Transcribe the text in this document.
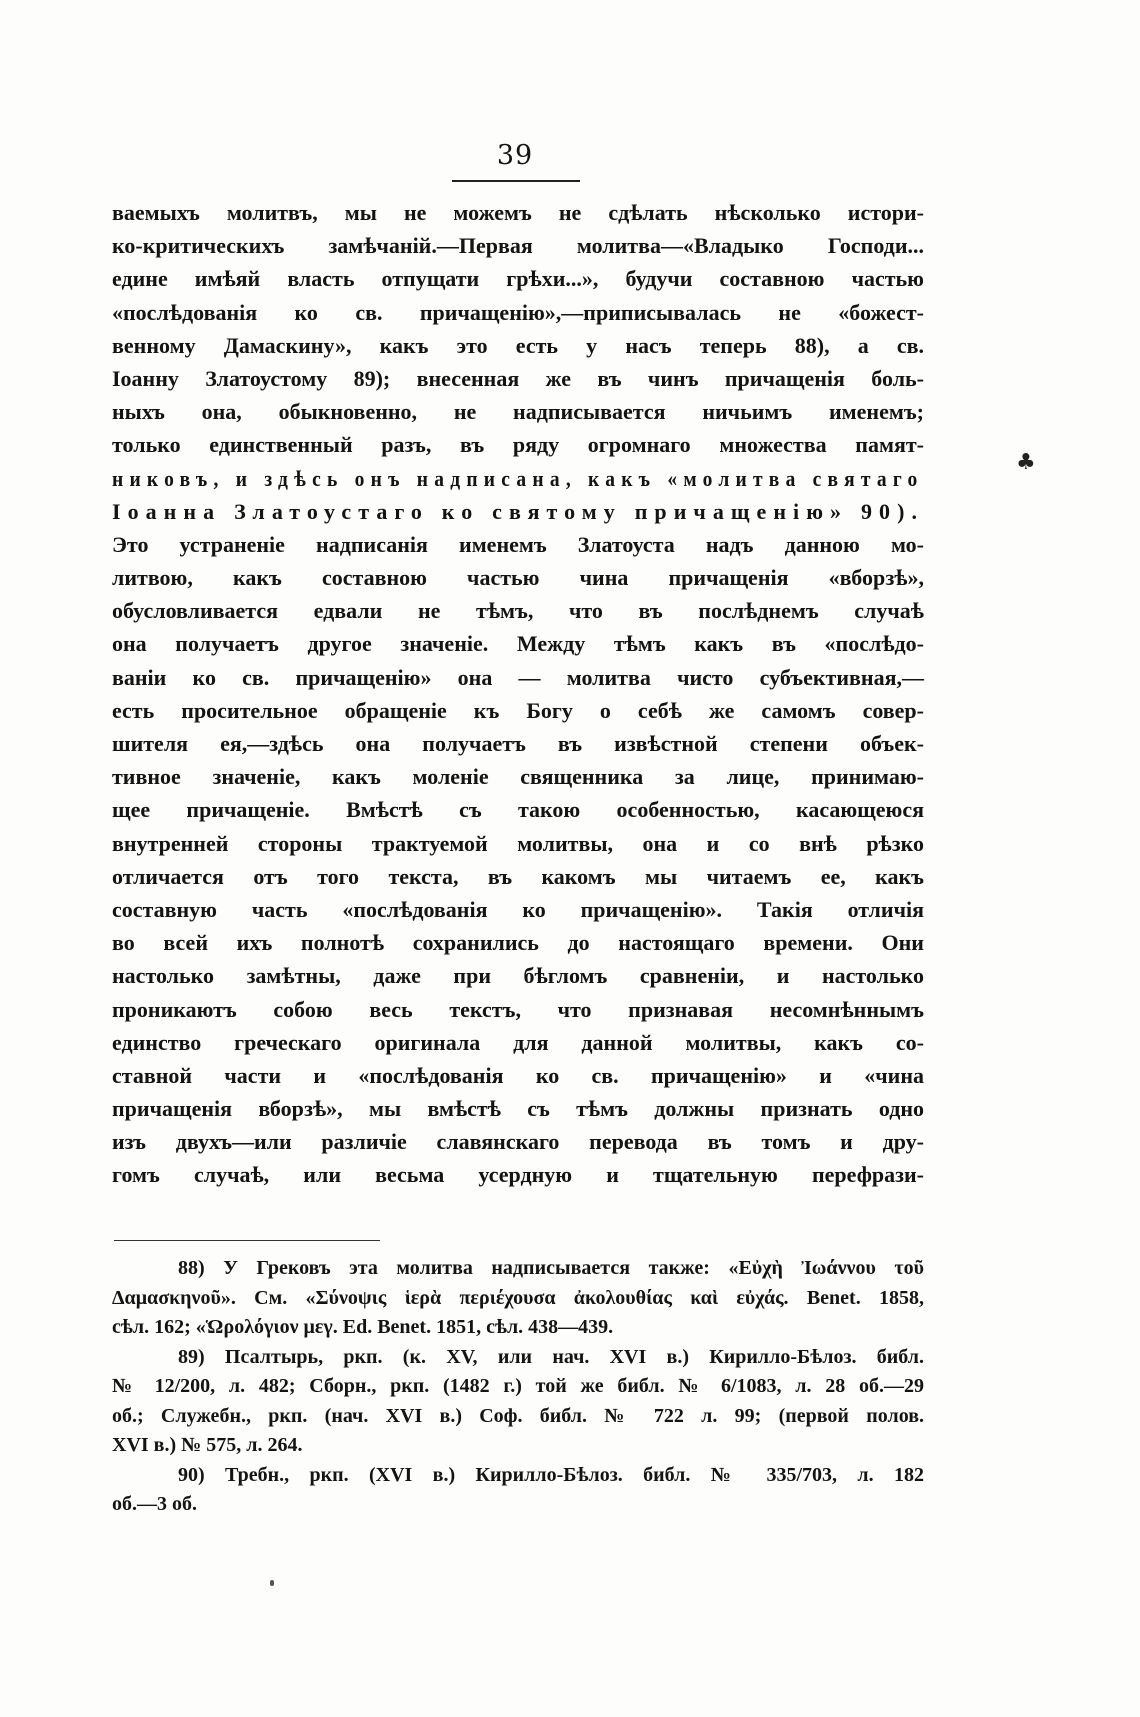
39
♣
ваемыхъ молитвъ, мы не можемъ не сдѣлать нѣсколько истори-
ко-критическихъ замѣчаній.—Первая молитва—«Владыко Господи...
едине имѣяй власть отпущати грѣхи...», будучи составною частью
«послѣдованія ко св. причащенію»,—приписывалась не «божест-
венному Дамаскину», какъ это есть у насъ теперь 88), а св.
Іоанну Златоустому 89); внесенная же въ чинъ причащенія боль-
ныхъ она, обыкновенно, не надписывается ничьимъ именемъ;
только единственный разъ, въ ряду огромнаго множества памят-
никовъ, и здѣсь онъ надписана, какъ «молитва святаго
Іоанна Златоустаго ко святому причащенію» 90).
Это устраненіе надписанія именемъ Златоуста надъ данною мо-
литвою, какъ составною частью чина причащенія «вборзѣ»,
обусловливается едвали не тѣмъ, что въ послѣднемъ случаѣ
она получаетъ другое значеніе. Между тѣмъ какъ въ «послѣдо-
ваніи ко св. причащенію» она — молитва чисто субъективная,—
есть просительное обращеніе къ Богу о себѣ же самомъ совер-
шителя ея,—здѣсь она получаетъ въ извѣстной степени объек-
тивное значеніе, какъ моленіе священника за лице, принимаю-
щее причащеніе. Вмѣстѣ съ такою особенностью, касающеюся
внутренней стороны трактуемой молитвы, она и со внѣ рѣзко
отличается отъ того текста, въ какомъ мы читаемъ ее, какъ
составную часть «послѣдованія ко причащенію». Такія отличія
во всей ихъ полнотѣ сохранились до настоящаго времени. Они
настолько замѣтны, даже при бѣгломъ сравненіи, и настолько
проникаютъ собою весь текстъ, что признавая несомнѣннымъ
единство греческаго оригинала для данной молитвы, какъ со-
ставной части и «послѣдованія ко св. причащенію» и «чина
причащенія вборзѣ», мы вмѣстѣ съ тѣмъ должны признать одно
изъ двухъ—или различіе славянскаго перевода въ томъ и дру-
гомъ случаѣ, или весьма усердную и тщательную перефрази-
88) У Грековъ эта молитва надписывается также: «Εὐχὴ Ἰωάννου τοῦ
Δαμασκηνοῦ». См. «Σύνοψις ἱερὰ περιέχουσα ἀκολουθίας καὶ εὐχάς. Benet. 1858,
сѣл. 162; «Ὡρολόγιον μεγ. Ed. Benet. 1851, сѣл. 438—439.
89) Псалтырь, ркп. (к. XV, или нач. XVI в.) Кирилло-Бѣлоз. библ.
№ 12/200, л. 482; Сборн., ркп. (1482 г.) той же библ. № 6/1083, л. 28 об.—29
об.; Служебн., ркп. (нач. XVI в.) Соф. библ. № 722 л. 99; (первой полов.
XVI в.) № 575, л. 264.
90) Требн., ркп. (XVI в.) Кирилло-Бѣлоз. библ. № 335/703, л. 182
об.—3 об.
